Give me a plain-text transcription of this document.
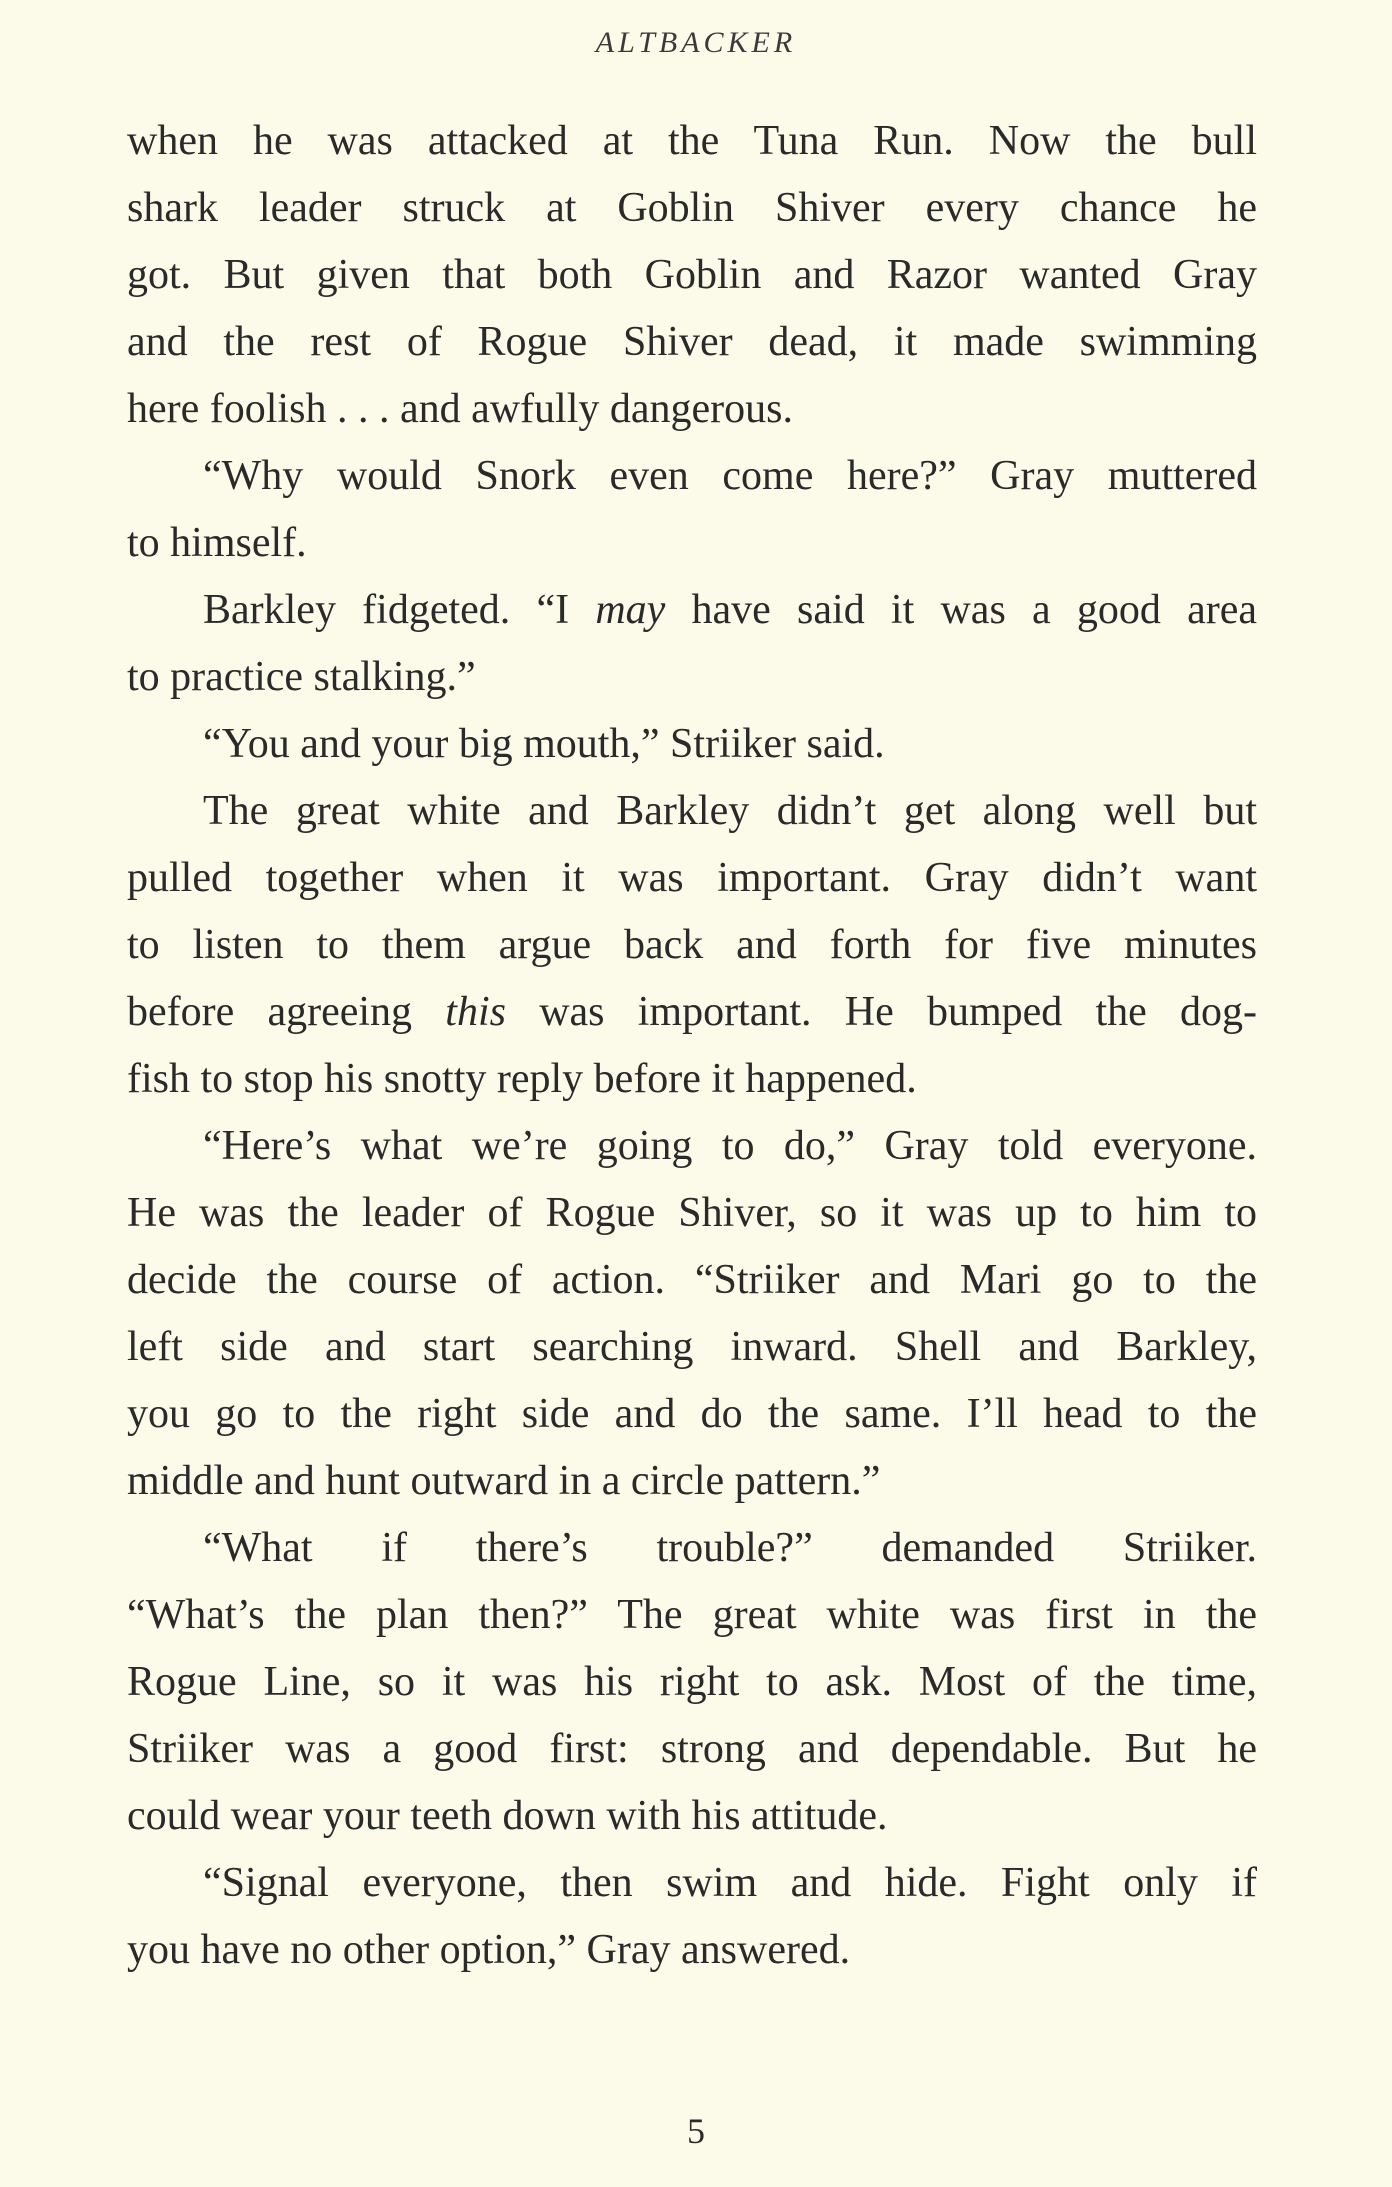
ALTBACKER
when he was attacked at the Tuna Run. Now the bull
shark leader struck at Goblin Shiver every chance he
got. But given that both Goblin and Razor wanted Gray
and the rest of Rogue Shiver dead, it made swimming
here foolish . . . and awfully dangerous.
“Why would Snork even come here?” Gray muttered
to himself.
Barkley fidgeted. “I may have said it was a good area
to practice stalking.”
“You and your big mouth,” Striiker said.
The great white and Barkley didn’t get along well but
pulled together when it was important. Gray didn’t want
to listen to them argue back and forth for five minutes
before agreeing this was important. He bumped the dog-
fish to stop his snotty reply before it happened.
“Here’s what we’re going to do,” Gray told everyone.
He was the leader of Rogue Shiver, so it was up to him to
decide the course of action. “Striiker and Mari go to the
left side and start searching inward. Shell and Barkley,
you go to the right side and do the same. I’ll head to the
middle and hunt outward in a circle pattern.”
“What if there’s trouble?” demanded Striiker.
“What’s the plan then?” The great white was first in the
Rogue Line, so it was his right to ask. Most of the time,
Striiker was a good first: strong and dependable. But he
could wear your teeth down with his attitude.
“Signal everyone, then swim and hide. Fight only if
you have no other option,” Gray answered.
5
